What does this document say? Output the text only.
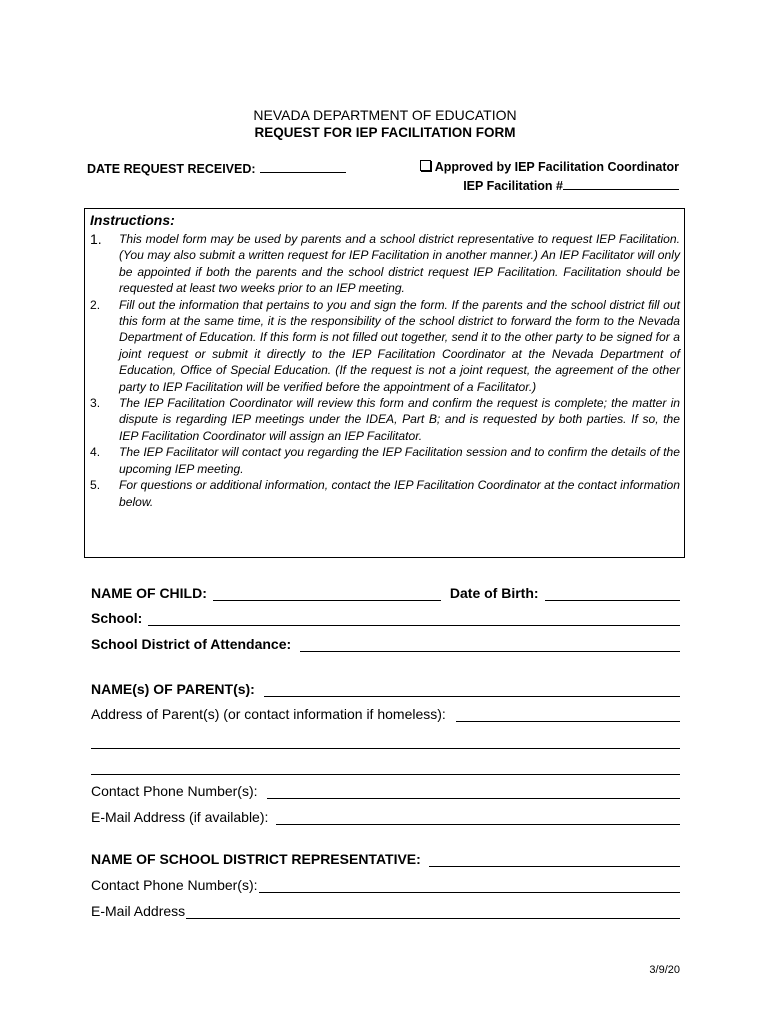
NEVADA DEPARTMENT OF EDUCATION
REQUEST FOR IEP FACILITATION FORM
DATE REQUEST RECEIVED:	Approved by IEP Facilitation Coordinator
IEP Facilitation #
Instructions:
1.	This model form may be used by parents and a school district representative to request IEP Facilitation. (You may also submit a written request for IEP Facilitation in another manner.) An IEP Facilitator will only be appointed if both the parents and the school district request IEP Facilitation. Facilitation should be requested at least two weeks prior to an IEP meeting.
2.	Fill out the information that pertains to you and sign the form. If the parents and the school district fill out this form at the same time, it is the responsibility of the school district to forward the form to the Nevada Department of Education. If this form is not filled out together, send it to the other party to be signed for a joint request or submit it directly to the IEP Facilitation Coordinator at the Nevada Department of Education, Office of Special Education. (If the request is not a joint request, the agreement of the other party to IEP Facilitation will be verified before the appointment of a Facilitator.)
3.	The IEP Facilitation Coordinator will review this form and confirm the request is complete; the matter in dispute is regarding IEP meetings under the IDEA, Part B; and is requested by both parties. If so, the IEP Facilitation Coordinator will assign an IEP Facilitator.
4.	The IEP Facilitator will contact you regarding the IEP Facilitation session and to confirm the details of the upcoming IEP meeting.
5.	For questions or additional information, contact the IEP Facilitation Coordinator at the contact information below.
NAME OF CHILD:	Date of Birth:
School:
School District of Attendance:
NAME(s) OF PARENT(s):
Address of Parent(s) (or contact information if homeless):
Contact Phone Number(s):
E-Mail Address (if available):
NAME OF SCHOOL DISTRICT REPRESENTATIVE:
Contact Phone Number(s):
E-Mail Address
3/9/20
